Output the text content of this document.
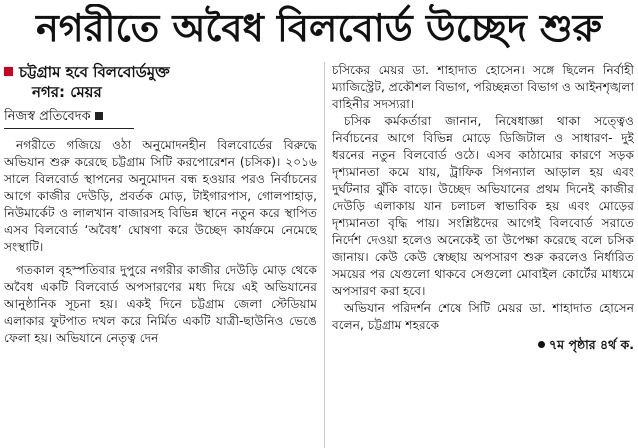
নগরীতে অবৈধ বিলবোর্ড উচ্ছেদ শুরু

চট্টগ্রাম হবে বিলবোর্ডমুক্ত

নগর: মেয়র

নিজস্ব প্রতিবেদক

নগরীতে গজিয়ে ওঠা অনুমোদনহীন বিলবোর্ডের বিরুদ্ধে অভিযান শুরু করেছে চট্টগ্রাম সিটি করপোরেশন (চসিক)। ২০১৬ সালে বিলবোর্ড স্থাপনের অনুমোদন বন্ধ হওয়ার পরও নির্বাচনের আগে কাজীর দেউড়ি, প্রবর্তক মোড়, টাইগারপাস, গোলপাহাড়, নিউমার্কেট ও লালখান বাজারসহ বিভিন্ন স্থানে নতুন করে স্থাপিত এসব বিলবোর্ড ‘অবৈধ’ ঘোষণা করে উচ্ছেদ কার্যক্রমে নেমেছে সংস্থাটি।

গতকাল বৃহস্পতিবার দুপুরে নগরীর কাজীর দেউড়ি মোড় থেকে অবৈধ একটি বিলবোর্ড অপসারণের মধ্য দিয়ে এই অভিযানের আনুষ্ঠানিক সূচনা হয়। একই দিনে চট্টগ্রাম জেলা স্টেডিয়াম এলাকার ফুটপাত দখল করে নির্মিত একটি যাত্রী-ছাউনিও ভেঙে ফেলা হয়। অভিযানে নেতৃত্ব দেন

চসিকের মেয়র ডা. শাহাদাত হোসেন। সঙ্গে ছিলেন নির্বাহী ম্যাজিস্ট্রেট, প্রকৌশল বিভাগ, পরিচ্ছন্নতা বিভাগ ও আইনশৃঙ্খলা বাহিনীর সদস্যরা।

চসিক কর্মকর্তারা জানান, নিষেধাজ্ঞা থাকা সত্ত্বেও নির্বাচনের আগে বিভিন্ন মোড়ে ডিজিটাল ও সাধারণ- দুই ধরনের নতুন বিলবোর্ড ওঠে। এসব কাঠামোর কারণে সড়ক দৃশ্যমানতা কমে যায়, ট্রাফিক সিগন্যাল আড়াল হয় এবং দুর্ঘটনার ঝুঁকি বাড়ে। উচ্ছেদ অভিযানের প্রথম দিনেই কাজীর দেউড়ি এলাকায় যান চলাচল স্বাভাবিক হয় এবং মোড়ের দৃশ্যমানতা বৃদ্ধি পায়। সংশ্লিষ্টদের আগেই বিলবোর্ড সরাতে নির্দেশ দেওয়া হলেও অনেকেই তা উপেক্ষা করেছে বলে চসিক জানায়। কেউ কেউ স্বেচ্ছায় অপসারণ শুরু করলেও নির্ধারিত সময়ের পর যেগুলো থাকবে সেগুলো মোবাইল কোর্টের মাধ্যমে অপসারণ করা হবে।

অভিযান পরিদর্শন শেষে সিটি মেয়র ডা. শাহাদাত হোসেন বলেন, চট্টগ্রাম শহরকে

৭ম পৃষ্ঠার ৪র্থ ক.
